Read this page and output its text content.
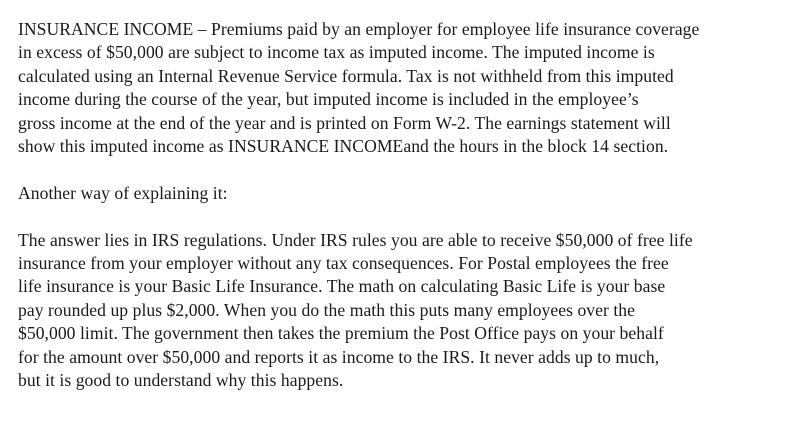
INSURANCE INCOME – Premiums paid by an employer for employee life insurance coverage
in excess of $50,000 are subject to income tax as imputed income. The imputed income is
calculated using an Internal Revenue Service formula. Tax is not withheld from this imputed
income during the course of the year, but imputed income is included in the employee’s
gross income at the end of the year and is printed on Form W-2. The earnings statement will
show this imputed income as INSURANCE INCOMEand the hours in the block 14 section.

Another way of explaining it:

The answer lies in IRS regulations. Under IRS rules you are able to receive $50,000 of free life
insurance from your employer without any tax consequences. For Postal employees the free
life insurance is your Basic Life Insurance. The math on calculating Basic Life is your base
pay rounded up plus $2,000. When you do the math this puts many employees over the
$50,000 limit. The government then takes the premium the Post Office pays on your behalf
for the amount over $50,000 and reports it as income to the IRS. It never adds up to much,
but it is good to understand why this happens.
